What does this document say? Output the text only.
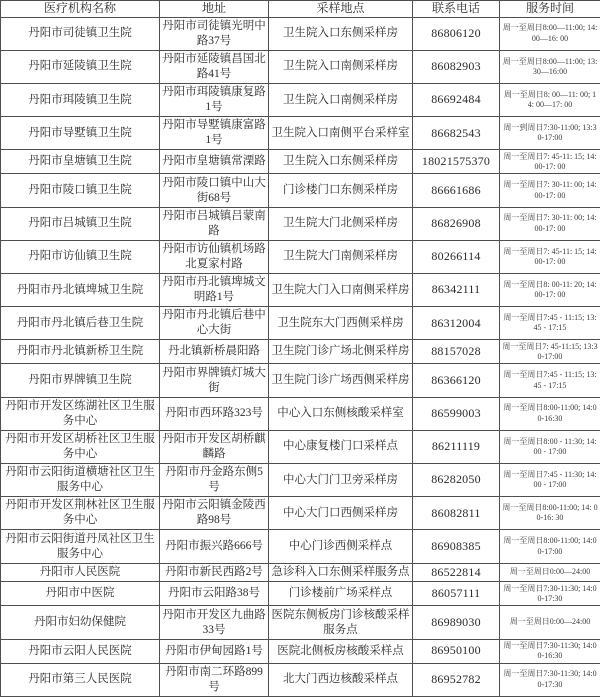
医疗机构名称	地址	采样地点	联系电话	服务时间
丹阳市司徒镇卫生院	丹阳市司徒镇光明中路37号	卫生院入口东侧采样房	86806120	周一至周日8:00—11:00; 14:00—16: 00
丹阳市延陵镇卫生院	丹阳市延陵镇昌国北路41号	卫生院入口南侧采样房	86082903	周一至周日8:00—11:00; 13:30—16:00
丹阳市珥陵镇卫生院	丹阳市珥陵镇康复路1号	卫生院入口南侧采样房	86692484	周一至周日8: 00—11: 00; 14: 00—17: 00
丹阳市导墅镇卫生院	丹阳市导墅镇康富路1号	卫生院入口南侧平台采样室	86682543	周一到周日7:30-11:00; 13:30-17:00
丹阳市皇塘镇卫生院	丹阳市皇塘镇常溧路	卫生院入口东侧采样房	18021575370	周一至周日7: 45-11: 15; 14: 00-17: 00
丹阳市陵口镇卫生院	丹阳市陵口镇中山大街68号	门诊楼门口东侧采样房	86661686	周一至周日7: 30-11: 00; 14: 00-17: 00
丹阳市吕城镇卫生院	丹阳市吕城镇吕蒙南路	卫生院大门北侧采样房	86826908	周一至周日7: 30-11: 00; 14: 00-17: 00
丹阳市访仙镇卫生院	丹阳市访仙镇机场路北夏家村路	卫生院大门南侧采样房	80266114	周一至周日7: 45-11: 15; 14: 00-17: 00
丹阳市丹北镇埤城卫生院	丹阳市丹北镇埤城文明路1号	卫生院大门入口南侧采样房	86342111	周一至周日8: 00-11: 20; 14: 00-17: 00
丹阳市丹北镇后巷卫生院	丹阳市丹北镇后巷中心大街	卫生院东大门西侧采样房	86312004	周一至周日7:45 - 11:15; 13:45 - 17:15
丹阳市丹北镇新桥卫生院	丹北镇新桥晨阳路	卫生院门诊广场北侧采样房	88157028	周一至周日7: 45-11:15; 13:30-17:00
丹阳市界牌镇卫生院	丹阳市界牌镇灯城大街	卫生院门诊广场西侧采样房	86366120	周一至周日7:45 - 11:15; 13:45 - 17:15
丹阳市开发区练湖社区卫生服务中心	丹阳市西环路323号	中心入口东侧核酸采样室	86599003	周一至周日8:00-11:00; 14:00-16:30
丹阳市开发区胡桥社区卫生服务中心	丹阳市开发区胡桥麒麟路	中心康复楼门口采样点	86211119	周一至周日8:00 - 11:30; 14:00 - 17:00
丹阳市云阳街道横塘社区卫生服务中心	丹阳市丹金路东侧5号	中心大门门卫旁采样房	86282050	周一至周日7:45 - 11:30; 14:00 - 17:00
丹阳市开发区荆林社区卫生服务中心	丹阳市云阳镇金陵西路98号	中心大门口西侧采样房	86082811	周一至周日8:00-11:00; 14: 00-16: 30
丹阳市云阳街道丹凤社区卫生服务中心	丹阳市振兴路666号	中心门诊西侧采样点	86908385	周一至周日8:00-11:00; 14:00-17:00
丹阳市人民医院	丹阳市新民西路2号	急诊科入口东侧采样服务点	86522814	周一至周日0:00—24:00
丹阳市中医院	丹阳市云阳路38号	门诊楼前广场采样点	86057111	周一至周日7:30-11:30; 14:00-17:30
丹阳市妇幼保健院	丹阳市开发区九曲路33号	医院东侧板房门诊核酸采样服务点	86989030	周一至周日0:00—24:00
丹阳市云阳人民医院	丹阳市伊甸园路1号	医院北侧板房核酸采样点	86950100	周一至周日7:30-11:30; 14:00-16:30
丹阳市第三人民医院	丹阳市南二环路899号	北大门西边核酸采样点	86952782	周一至周日7:30-11:30; 14:00-17:30
